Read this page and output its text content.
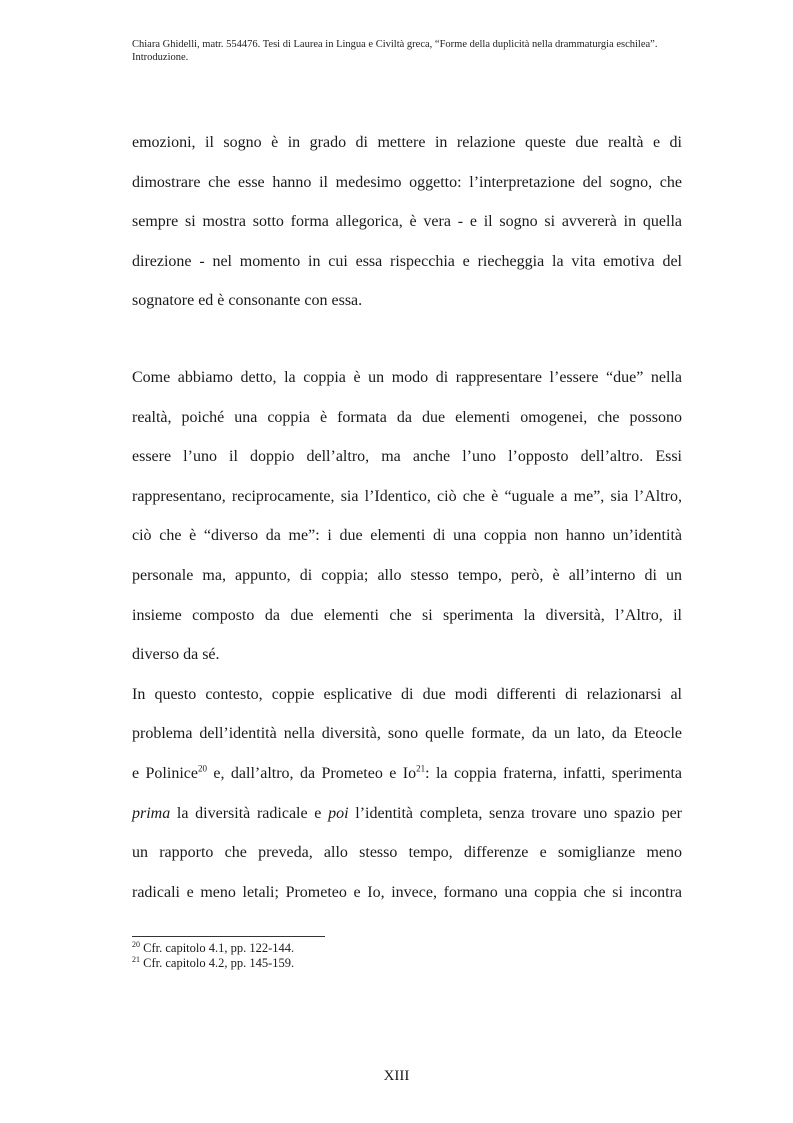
Chiara Ghidelli, matr. 554476. Tesi di Laurea in Lingua e Civiltà greca, “Forme della duplicità nella drammaturgia eschilea”.
Introduzione.
emozioni, il sogno è in grado di mettere in relazione queste due realtà e di
dimostrare che esse hanno il medesimo oggetto: l’interpretazione del sogno, che
sempre si mostra sotto forma allegorica, è vera - e il sogno si avvererà in quella
direzione - nel momento in cui essa rispecchia e riecheggia la vita emotiva del
sognatore ed è consonante con essa.
Come abbiamo detto, la coppia è un modo di rappresentare l’essere “due” nella
realtà, poiché una coppia è formata da due elementi omogenei, che possono
essere l’uno il doppio dell’altro, ma anche l’uno l’opposto dell’altro. Essi
rappresentano, reciprocamente, sia l’Identico, ciò che è “uguale a me”, sia l’Altro,
ciò che è “diverso da me”: i due elementi di una coppia non hanno un’identità
personale ma, appunto, di coppia; allo stesso tempo, però, è all’interno di un
insieme composto da due elementi che si sperimenta la diversità, l’Altro, il
diverso da sé.
In questo contesto, coppie esplicative di due modi differenti di relazionarsi al
problema dell’identità nella diversità, sono quelle formate, da un lato, da Eteocle
e Polinice$^{20}$ e, dall’altro, da Prometeo e Io$^{21}$: la coppia fraterna, infatti, sperimenta
prima la diversità radicale e poi l’identità completa, senza trovare uno spazio per
un rapporto che preveda, allo stesso tempo, differenze e somiglianze meno
radicali e meno letali; Prometeo e Io, invece, formano una coppia che si incontra
$^{20}$ Cfr. capitolo 4.1, pp. 122-144.
$^{21}$ Cfr. capitolo 4.2, pp. 145-159.
XIII
